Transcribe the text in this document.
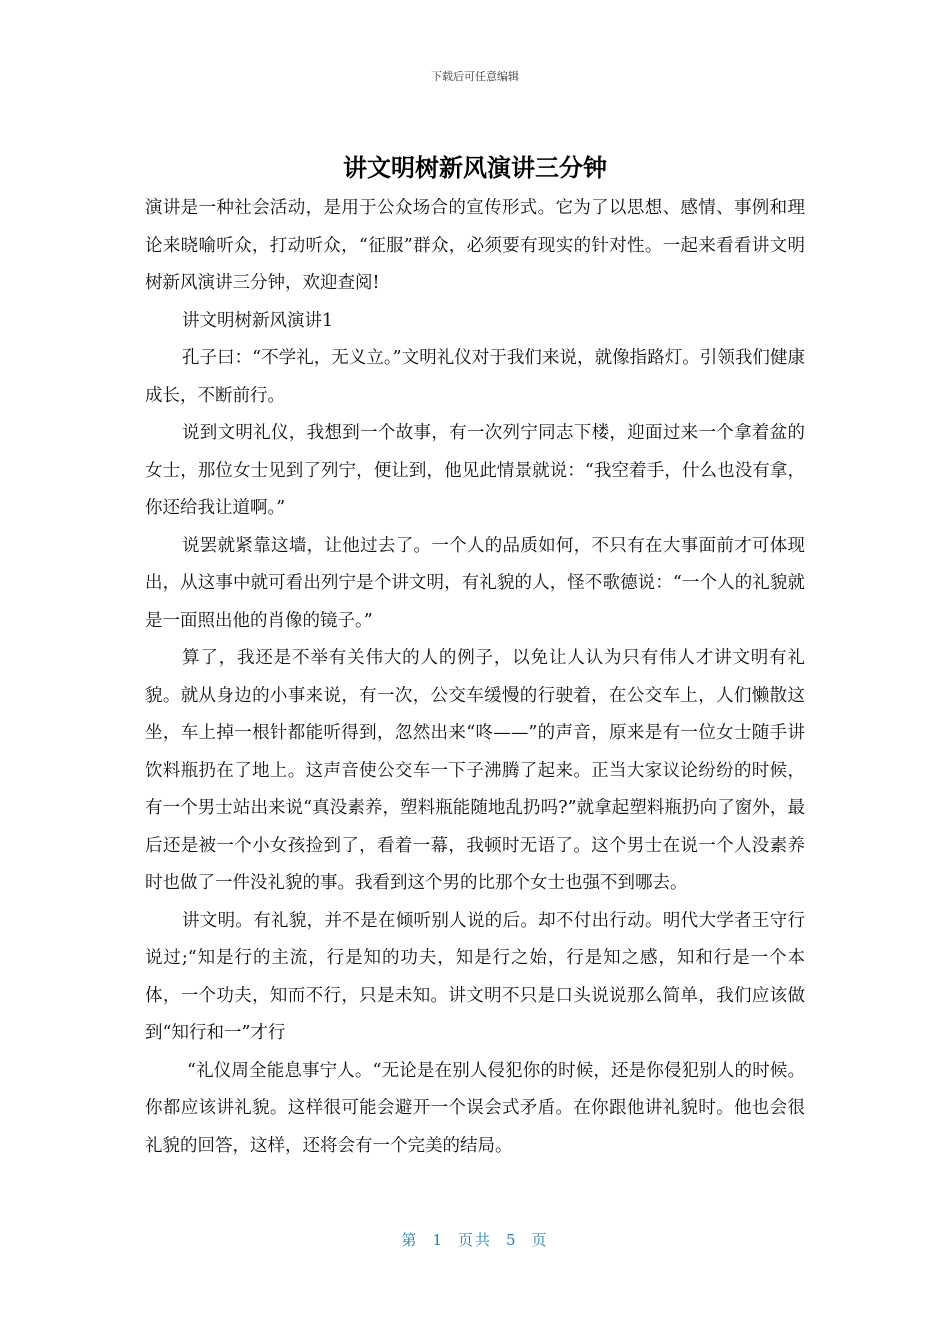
下载后可任意编辑
讲文明树新风演讲三分钟

演讲是一种社会活动，是用于公众场合的宣传形式。它为了以思想、感情、事例和理论来晓喻听众，打动听众，“征服”群众，必须要有现实的针对性。一起来看看讲文明树新风演讲三分钟，欢迎查阅!

讲文明树新风演讲1

孔子曰：“不学礼，无义立。”文明礼仪对于我们来说，就像指路灯。引领我们健康成长，不断前行。

说到文明礼仪，我想到一个故事，有一次列宁同志下楼，迎面过来一个拿着盆的女士，那位女士见到了列宁，便让到，他见此情景就说：“我空着手，什么也没有拿，你还给我让道啊。”

说罢就紧靠这墙，让他过去了。一个人的品质如何，不只有在大事面前才可体现出，从这事中就可看出列宁是个讲文明，有礼貌的人，怪不歌德说：“一个人的礼貌就是一面照出他的肖像的镜子。”

算了，我还是不举有关伟大的人的例子，以免让人认为只有伟人才讲文明有礼貌。就从身边的小事来说，有一次，公交车缓慢的行驶着，在公交车上，人们懒散这坐，车上掉一根针都能听得到，忽然出来“咚——”的声音，原来是有一位女士随手讲饮料瓶扔在了地上。这声音使公交车一下子沸腾了起来。正当大家议论纷纷的时候，有一个男士站出来说“真没素养，塑料瓶能随地乱扔吗?”就拿起塑料瓶扔向了窗外，最后还是被一个小女孩捡到了，看着一幕，我顿时无语了。这个男士在说一个人没素养时也做了一件没礼貌的事。我看到这个男的比那个女士也强不到哪去。

讲文明。有礼貌，并不是在倾听别人说的后。却不付出行动。明代大学者王守行说过;“知是行的主流，行是知的功夫，知是行之始，行是知之感，知和行是一个本体，一个功夫，知而不行，只是未知。讲文明不只是口头说说那么简单，我们应该做到“知行和一”才行

“礼仪周全能息事宁人。“无论是在别人侵犯你的时候，还是你侵犯别人的时候。你都应该讲礼貌。这样很可能会避开一个误会式矛盾。在你跟他讲礼貌时。他也会很礼貌的回答，这样，还将会有一个完美的结局。

第 1 页共 5 页
